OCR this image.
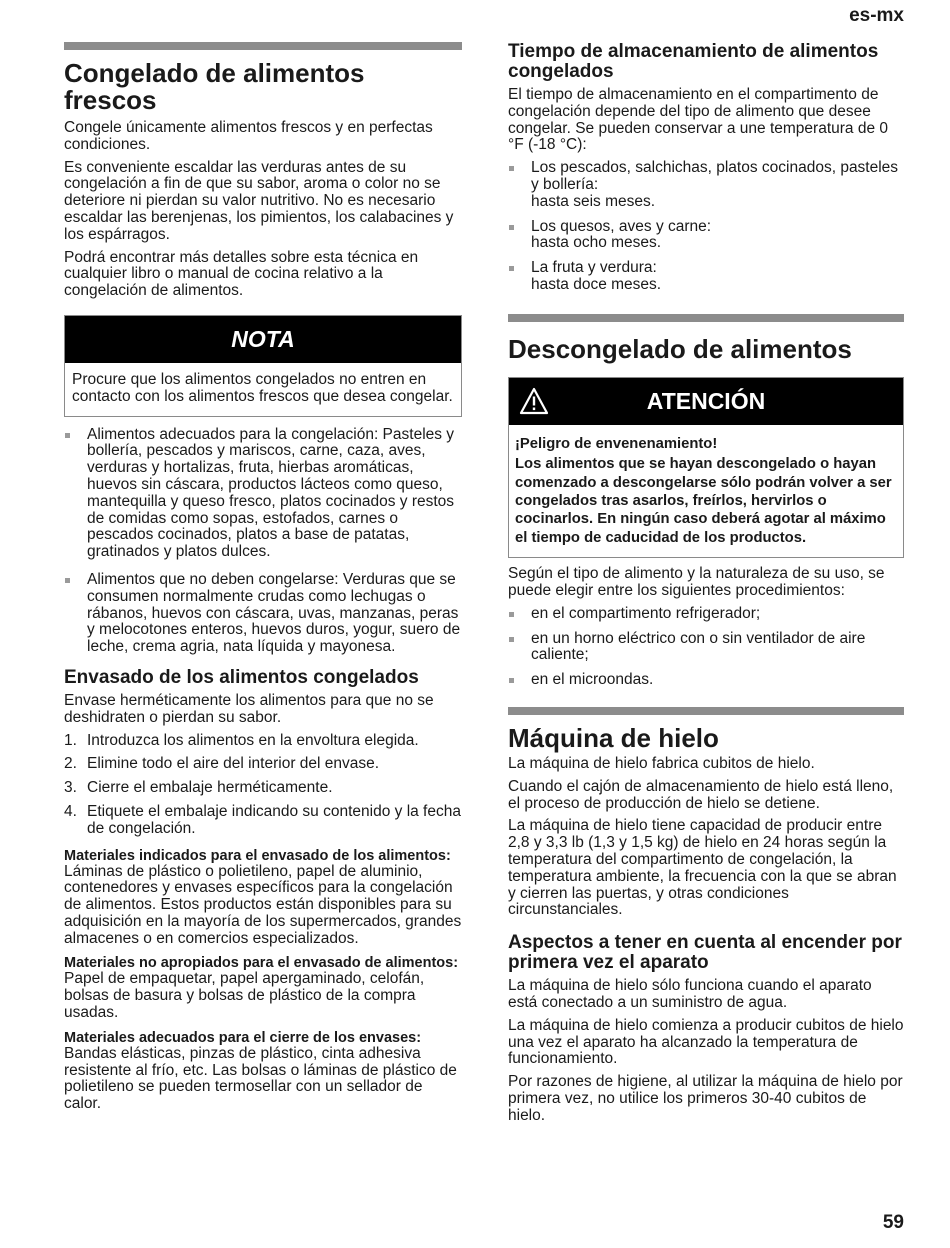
es-mx
Congelado de alimentos frescos

Congele únicamente alimentos frescos y en perfectas condiciones.

Es conveniente escaldar las verduras antes de su congelación a fin de que su sabor, aroma o color no se deteriore ni pierdan su valor nutritivo. No es necesario escaldar las berenjenas, los pimientos, los calabacines y los espárragos.

Podrá encontrar más detalles sobre esta técnica en cualquier libro o manual de cocina relativo a la congelación de alimentos.

NOTA

Procure que los alimentos congelados no entren en contacto con los alimentos frescos que desea congelar.

Alimentos adecuados para la congelación: Pasteles y bollería, pescados y mariscos, carne, caza, aves, verduras y hortalizas, fruta, hierbas aromáticas, huevos sin cáscara, productos lácteos como queso, mantequilla y queso fresco, platos cocinados y restos de comidas como sopas, estofados, carnes o pescados cocinados, platos a base de patatas, gratinados y platos dulces.
Alimentos que no deben congelarse: Verduras que se consumen normalmente crudas como lechugas o rábanos, huevos con cáscara, uvas, manzanas, peras y melocotones enteros, huevos duros, yogur, suero de leche, crema agria, nata líquida y mayonesa.
Envasado de los alimentos congelados

Envase herméticamente los alimentos para que no se deshidraten o pierdan su sabor.

1. Introduzca los alimentos en la envoltura elegida.
2. Elimine todo el aire del interior del envase.
3. Cierre el embalaje herméticamente.
4. Etiquete el embalaje indicando su contenido y la fecha de congelación.
Materiales indicados para el envasado de los alimentos:

Láminas de plástico o polietileno, papel de aluminio, contenedores y envases específicos para la congelación de alimentos. Estos productos están disponibles para su adquisición en la mayoría de los supermercados, grandes almacenes o en comercios especializados.

Materiales no apropiados para el envasado de alimentos:

Papel de empaquetar, papel apergaminado, celofán, bolsas de basura y bolsas de plástico de la compra usadas.

Materiales adecuados para el cierre de los envases:

Bandas elásticas, pinzas de plástico, cinta adhesiva resistente al frío, etc. Las bolsas o láminas de plástico de polietileno se pueden termosellar con un sellador de calor.

Tiempo de almacenamiento de alimentos congelados

El tiempo de almacenamiento en el compartimento de congelación depende del tipo de alimento que desee congelar. Se pueden conservar a une temperatura de 0 °F (-18 °C):

Los pescados, salchichas, platos cocinados, pasteles y bollería:
hasta seis meses.
Los quesos, aves y carne:
hasta ocho meses.
La fruta y verdura:
hasta doce meses.
Descongelado de alimentos
ATENCIÓN

¡Peligro de envenenamiento!

Los alimentos que se hayan descongelado o hayan comenzado a descongelarse sólo podrán volver a ser congelados tras asarlos, freírlos, hervirlos o cocinarlos. En ningún caso deberá agotar al máximo el tiempo de caducidad de los productos.

Según el tipo de alimento y la naturaleza de su uso, se puede elegir entre los siguientes procedimientos:

en el compartimento refrigerador;
en un horno eléctrico con o sin ventilador de aire caliente;
en el microondas.
Máquina de hielo

La máquina de hielo fabrica cubitos de hielo.

Cuando el cajón de almacenamiento de hielo está lleno, el proceso de producción de hielo se detiene.

La máquina de hielo tiene capacidad de producir entre 2,8 y 3,3 lb (1,3 y 1,5 kg) de hielo en 24 horas según la temperatura del compartimento de congelación, la temperatura ambiente, la frecuencia con la que se abran y cierren las puertas, y otras condiciones circunstanciales.

Aspectos a tener en cuenta al encender por primera vez el aparato

La máquina de hielo sólo funciona cuando el aparato está conectado a un suministro de agua.

La máquina de hielo comienza a producir cubitos de hielo una vez el aparato ha alcanzado la temperatura de funcionamiento.

Por razones de higiene, al utilizar la máquina de hielo por primera vez, no utilice los primeros 30-40 cubitos de hielo.

59
